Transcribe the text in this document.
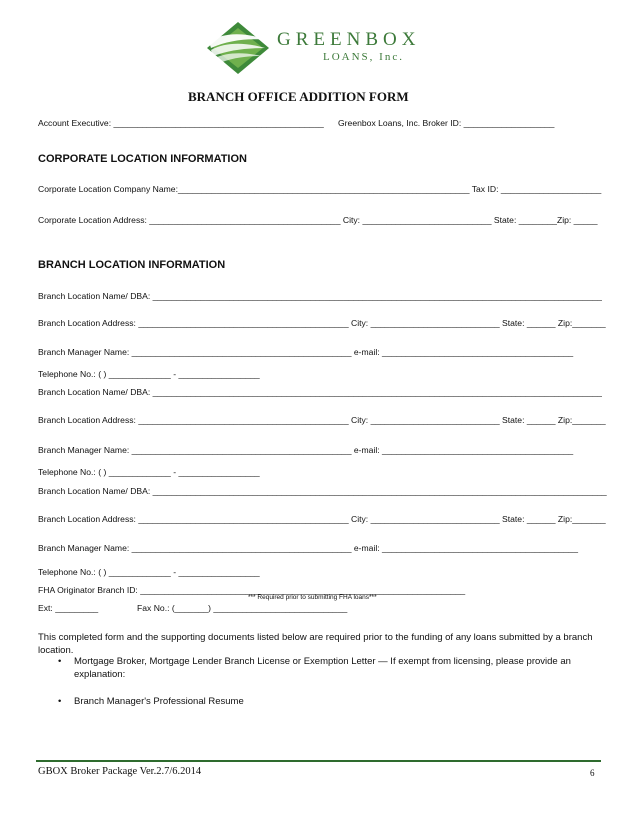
GREENBOX
LOANS, Inc.
BRANCH OFFICE ADDITION FORM
Account Executive: ____________________________________________ Greenbox Loans, Inc. Broker ID: ___________________
CORPORATE LOCATION INFORMATION
Corporate Location Company Name:_____________________________________________________________ Tax ID: _____________________
Corporate Location Address: ________________________________________ City: ___________________________ State: ________Zip: _____
BRANCH LOCATION INFORMATION
Branch Location Name/ DBA: ______________________________________________________________________________________________
Branch Location Address: ____________________________________________ City: ___________________________ State: ______ Zip:_______
Branch Manager Name: ______________________________________________ e-mail: ________________________________________
Telephone No.: ( ) _____________ - _________________
Branch Location Name/ DBA: ______________________________________________________________________________________________
Branch Location Address: ____________________________________________ City: ___________________________ State: ______ Zip:_______
Branch Manager Name: ______________________________________________ e-mail: ________________________________________
Telephone No.: ( ) _____________ - _________________
Branch Location Name/ DBA: _______________________________________________________________________________________________
Branch Location Address: ____________________________________________ City: ___________________________ State: ______ Zip:_______
Branch Manager Name: ______________________________________________ e-mail: _________________________________________
Telephone No.: ( ) _____________ - _________________
FHA Originator Branch ID: ____________________________________________________________________
*** Required prior to submitting FHA loans***
Ext: _________	Fax No.: (_______) ____________________________
This completed form and the supporting documents listed below are required prior to the funding of any loans submitted by a branch location.
• Mortgage Broker, Mortgage Lender Branch License or Exemption Letter — If exempt from licensing, please provide an explanation:
• Branch Manager's Professional Resume
GBOX Broker Package Ver.2.7/6.2014	6
